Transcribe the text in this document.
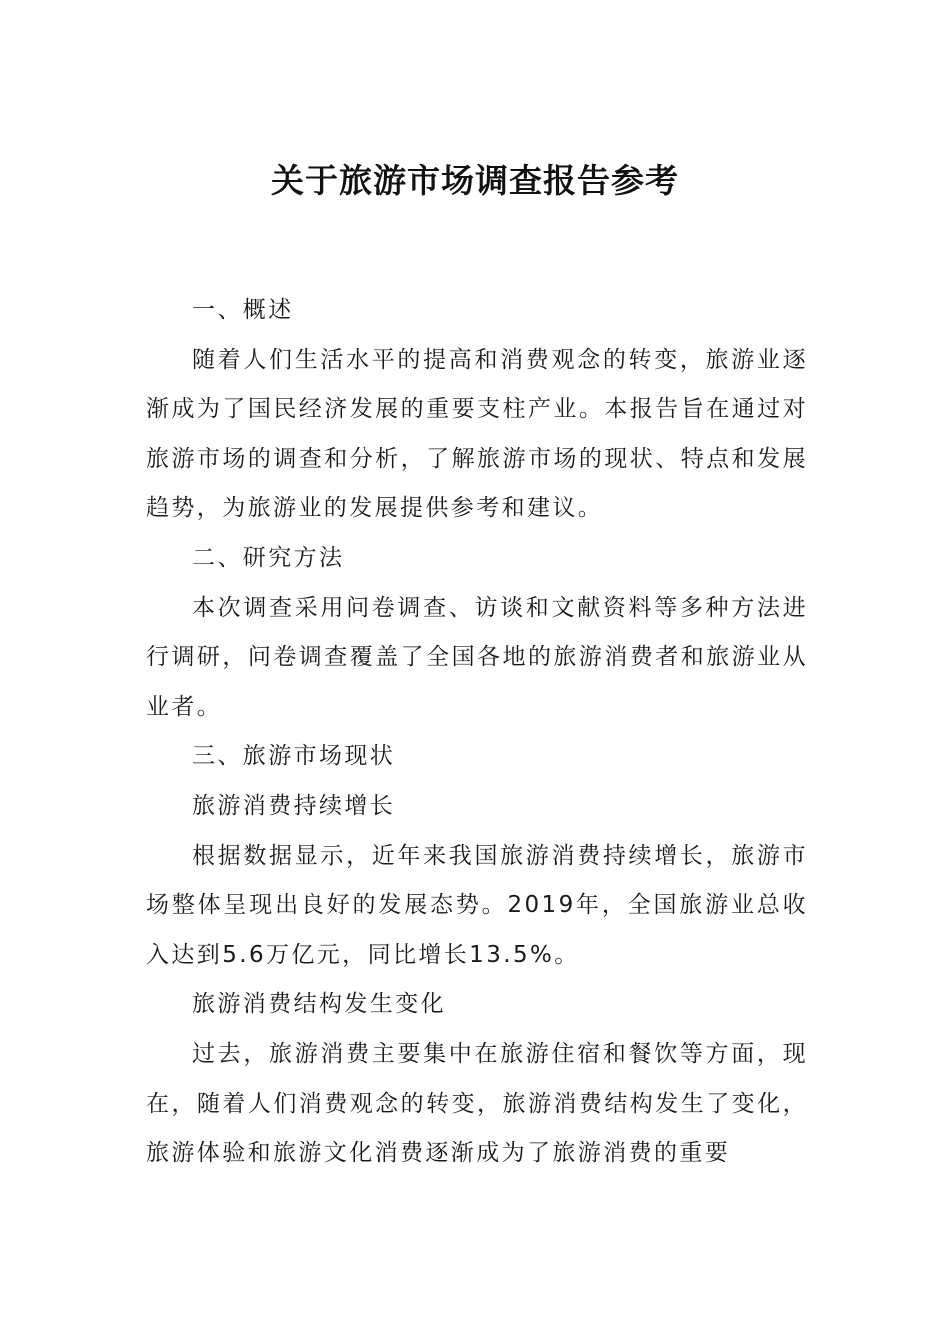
关于旅游市场调查报告参考

一、概述

随着人们生活水平的提高和消费观念的转变，旅游业逐渐成为了国民经济发展的重要支柱产业。本报告旨在通过对旅游市场的调查和分析，了解旅游市场的现状、特点和发展趋势，为旅游业的发展提供参考和建议。

二、研究方法

本次调查采用问卷调查、访谈和文献资料等多种方法进行调研，问卷调查覆盖了全国各地的旅游消费者和旅游业从业者。

三、旅游市场现状

旅游消费持续增长

根据数据显示，近年来我国旅游消费持续增长，旅游市场整体呈现出良好的发展态势。2019年，全国旅游业总收入达到5.6万亿元，同比增长13.5%。

旅游消费结构发生变化

过去，旅游消费主要集中在旅游住宿和餐饮等方面，现在，随着人们消费观念的转变，旅游消费结构发生了变化，旅游体验和旅游文化消费逐渐成为了旅游消费的重要
